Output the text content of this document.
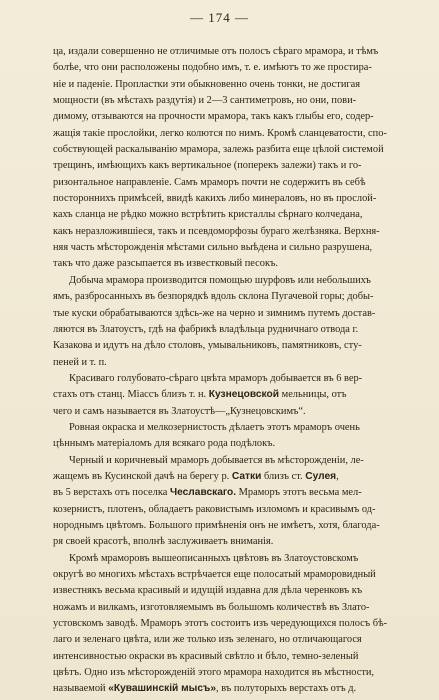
— 174 —
ца, издали совершенно не отличимые отъ полосъ сѣраго мрамора, и тѣмъ
болѣе, что они расположены подобно имъ, т. е. имѣютъ то же простира-
ніе и паденіе. Пропластки эти обыкновенно очень тонки, не достигая
мощности (въ мѣстахъ раздутія) и 2—3 сантиметровъ, но они, пови-
димому, отзываются на прочности мрамора, такъ какъ глыбы его, содер-
жащія такіе прослойки, легко колются по нимъ. Кромѣ сланцеватости, спо-
собствующей раскалыванію мрамора, залежь разбита еще цѣлой системой
трещинъ, имѣющихъ какъ вертикальное (поперекъ залежи) такъ и го-
ризонтальное направленіе. Самъ мраморъ почти не содержитъ въ себѣ
постороннихъ примѣсей, ввидѣ какихъ либо минераловъ, но въ прослой-
кахъ сланца не рѣдко можно встрѣтить кристаллы сѣрнаго колчедана,
какъ неразложившіеся, такъ и псевдоморфозы бураго желѣзняка. Верхня-
няя часть мѣсторожденія мѣстами сильно выѣдена и сильно разрушена,
такъ что даже разсыпается въ известковый песокъ.
Добыча мрамора производится помощью шурфовъ или небольшихъ
ямъ, разбросанныхъ въ безпорядкѣ вдоль склона Пугачевой горы; добы-
тые куски обрабатываются здѣсь-же на черно и зимнимъ путемъ достав-
ляются въ Златоустъ, гдѣ на фабрикѣ владѣльца рудничнаго отвода г.
Казакова и идутъ на дѣло столовъ, умывальниковъ, памятниковъ, сту-
пеней и т. п.
Красиваго голубовато-сѣраго цвѣта мраморъ добывается въ 6 вер-
стахъ отъ станц. Міассъ близъ т. н. Кузнецовской мельницы, отъ
чего и самъ называется въ Златоустѣ—„Кузнецовскимъ“.
Ровная окраска и мелкозернистость дѣлаетъ этотъ мраморъ очень
цѣннымъ матеріаломъ для всякаго рода подѣлокъ.
Черный и коричневый мраморъ добывается въ мѣсторожденіи, ле-
жащемъ въ Кусинской дачѣ на берегу р. Сатки близъ ст. Сулея,
въ 5 верстахъ отъ поселка Чеславскаго. Мраморъ этотъ весьма мел-
козернистъ, плотенъ, обладаетъ раковистымъ изломомъ и красивымъ од-
нороднымъ цвѣтомъ. Большого примѣненія онъ не имѣетъ, хотя, благода-
ря своей красотѣ, вполнѣ заслуживаетъ вниманія.
Кромѣ мраморовъ вышеописанныхъ цвѣтовъ въ Златоустовскомъ
округѣ во многихъ мѣстахъ встрѣчается еще полосатый мраморовидный
известнякъ весьма красивый и идущій издавна для дѣла черенковъ къ
ножамъ и вилкамъ, изготовляемымъ въ большомъ количествѣ въ Злато-
устовскомъ заводѣ. Мраморъ этотъ состоитъ изъ чередующихся полосъ бѣ-
лаго и зеленаго цвѣта, или же только изъ зеленаго, но отличающагося
интенсивностью окраски въ красивый свѣтло и бѣло, темно-зеленый
цвѣтъ. Одно изъ мѣсторожденій этого мрамора находится въ мѣстности,
называемой «Кувашинскій мысъ», въ полуторыхъ верстахъ отъ д.
